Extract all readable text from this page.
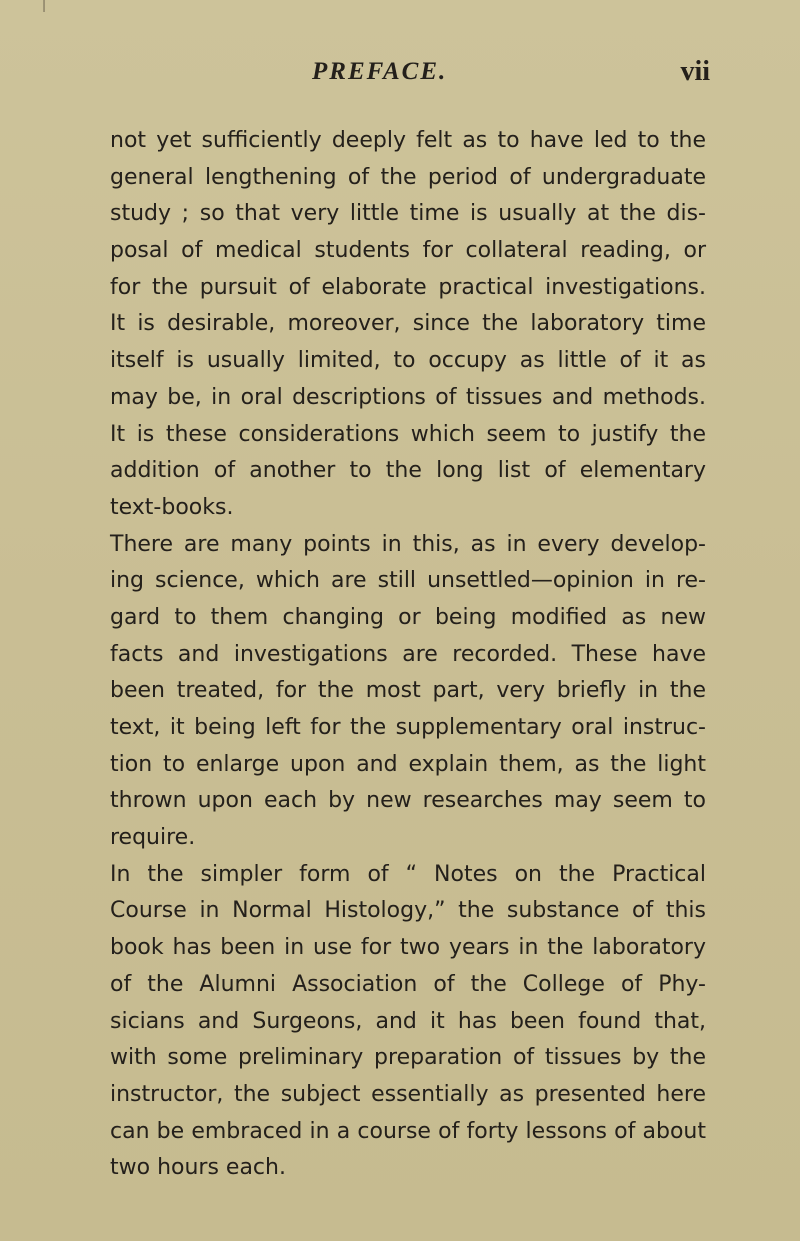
PREFACE.	vii
not yet sufficiently deeply felt as to have led to the
general lengthening of the period of undergraduate
study ; so that very little time is usually at the dis-
posal of medical students for collateral reading, or
for the pursuit of elaborate practical investigations.
It is desirable, moreover, since the laboratory time
itself is usually limited, to occupy as little of it as
may be, in oral descriptions of tissues and methods.
It is these considerations which seem to justify the
addition of another to the long list of elementary
text-books.
There are many points in this, as in every develop-
ing science, which are still unsettled—opinion in re-
gard to them changing or being modified as new
facts and investigations are recorded. These have
been treated, for the most part, very briefly in the
text, it being left for the supplementary oral instruc-
tion to enlarge upon and explain them, as the light
thrown upon each by new researches may seem to
require.
In the simpler form of “ Notes on the Practical
Course in Normal Histology,” the substance of this
book has been in use for two years in the laboratory
of the Alumni Association of the College of Phy-
sicians and Surgeons, and it has been found that,
with some preliminary preparation of tissues by the
instructor, the subject essentially as presented here
can be embraced in a course of forty lessons of about
two hours each.
|
